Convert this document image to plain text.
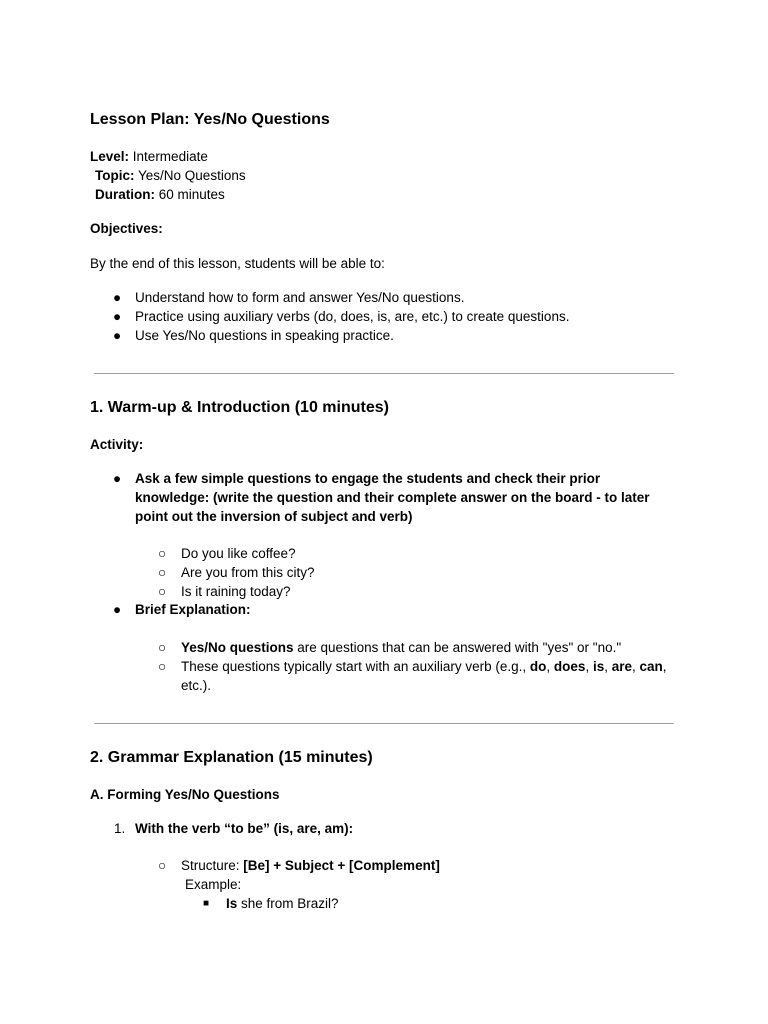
Lesson Plan: Yes/No Questions
Level: Intermediate
Topic: Yes/No Questions
Duration: 60 minutes
Objectives:
By the end of this lesson, students will be able to:
● Understand how to form and answer Yes/No questions.
● Practice using auxiliary verbs (do, does, is, are, etc.) to create questions.
● Use Yes/No questions in speaking practice.
1. Warm-up & Introduction (10 minutes)
Activity:
● Ask a few simple questions to engage the students and check their prior
knowledge: (write the question and their complete answer on the board - to later
point out the inversion of subject and verb)
○ Do you like coffee?
○ Are you from this city?
○ Is it raining today?
● Brief Explanation:
○ Yes/No questions are questions that can be answered with "yes" or "no."
○ These questions typically start with an auxiliary verb (e.g., do, does, is, are, can,
etc.).
2. Grammar Explanation (15 minutes)
A. Forming Yes/No Questions
1. With the verb “to be” (is, are, am):
○ Structure: [Be] + Subject + [Complement]
Example:
■ Is she from Brazil?
